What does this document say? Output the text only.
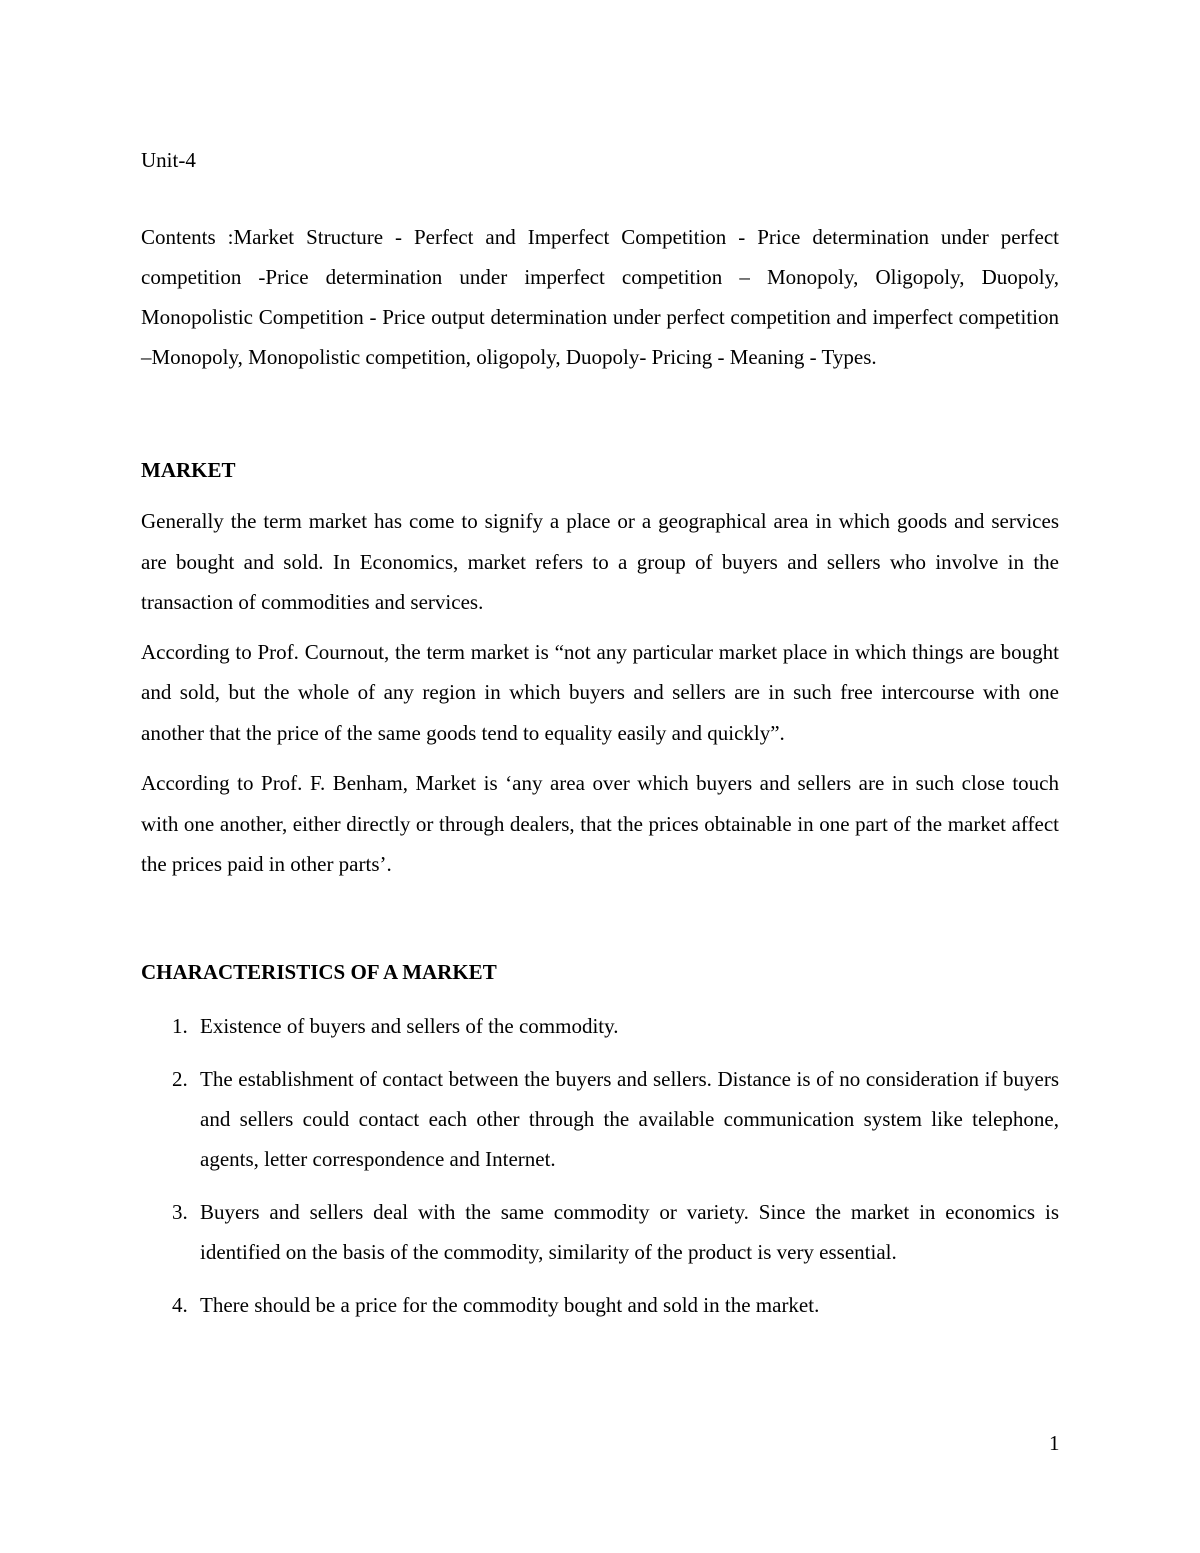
Unit-4

Contents :Market Structure - Perfect and Imperfect Competition - Price determination under perfect competition -Price determination under imperfect competition – Monopoly, Oligopoly, Duopoly, Monopolistic Competition - Price output determination under perfect competition and imperfect competition –Monopoly, Monopolistic competition, oligopoly, Duopoly- Pricing - Meaning - Types.

MARKET

Generally the term market has come to signify a place or a geographical area in which goods and services are bought and sold. In Economics, market refers to a group of buyers and sellers who involve in the transaction of commodities and services.

According to Prof. Cournout, the term market is “not any particular market place in which things are bought and sold, but the whole of any region in which buyers and sellers are in such free intercourse with one another that the price of the same goods tend to equality easily and quickly”.

According to Prof. F. Benham, Market is ‘any area over which buyers and sellers are in such close touch with one another, either directly or through dealers, that the prices obtainable in one part of the market affect the prices paid in other parts’.

CHARACTERISTICS OF A MARKET
1. Existence of buyers and sellers of the commodity.
2. The establishment of contact between the buyers and sellers. Distance is of no consideration if buyers and sellers could contact each other through the available communication system like telephone, agents, letter correspondence and Internet.
3. Buyers and sellers deal with the same commodity or variety. Since the market in economics is identified on the basis of the commodity, similarity of the product is very essential.
4. There should be a price for the commodity bought and sold in the market.
1
